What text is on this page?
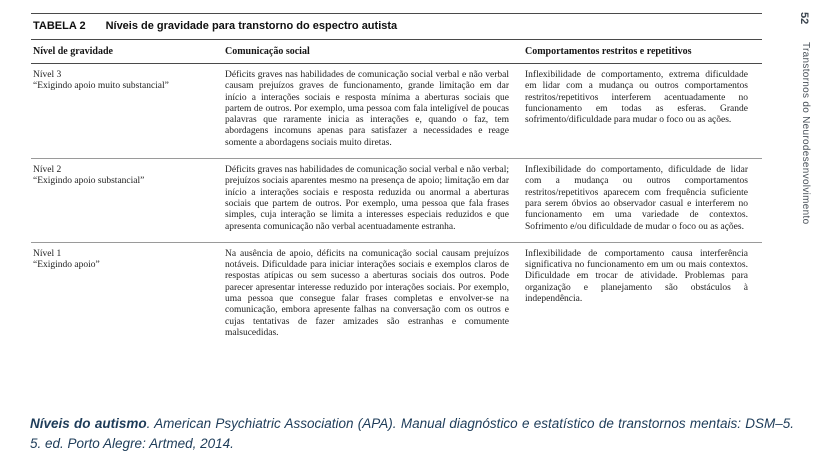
TABELA 2 Níveis de gravidade para transtorno do espectro autista
Nível de gravidade	Comunicação social	Comportamentos restritos e repetitivos

Nível 3
“Exigindo apoio muito substancial”
	Déficits graves nas habilidades de comunicação social verbal e não verbal causam prejuízos graves de funcionamento, grande limitação em dar início a interações sociais e resposta mínima a aberturas sociais que partem de outros. Por exemplo, uma pessoa com fala inteligível de poucas palavras que raramente inicia as interações e, quando o faz, tem abordagens incomuns apenas para satisfazer a necessidades e reage somente a abordagens sociais muito diretas.	Inflexibilidade de comportamento, extrema dificuldade em lidar com a mudança ou outros comportamentos restritos/repetitivos interferem acentuadamente no funcionamento em todas as esferas. Grande sofrimento/dificuldade para mudar o foco ou as ações.

Nível 2
“Exigindo apoio substancial”
	Déficits graves nas habilidades de comunicação social verbal e não verbal; prejuízos sociais aparentes mesmo na presença de apoio; limitação em dar início a interações sociais e resposta reduzida ou anormal a aberturas sociais que partem de outros. Por exemplo, uma pessoa que fala frases simples, cuja interação se limita a interesses especiais reduzidos e que apresenta comunicação não verbal acentuadamente estranha.	Inflexibilidade do comportamento, dificuldade de lidar com a mudança ou outros comportamentos restritos/repetitivos aparecem com frequência suficiente para serem óbvios ao observador casual e interferem no funcionamento em uma variedade de contextos. Sofrimento e/ou dificuldade de mudar o foco ou as ações.

Nível 1
“Exigindo apoio”
	Na ausência de apoio, déficits na comunicação social causam prejuízos notáveis. Dificuldade para iniciar interações sociais e exemplos claros de respostas atípicas ou sem sucesso a aberturas sociais dos outros. Pode parecer apresentar interesse reduzido por interações sociais. Por exemplo, uma pessoa que consegue falar frases completas e envolver-se na comunicação, embora apresente falhas na conversação com os outros e cujas tentativas de fazer amizades são estranhas e comumente malsucedidas.	Inflexibilidade de comportamento causa interferência significativa no funcionamento em um ou mais contextos. Dificuldade em trocar de atividade. Problemas para organização e planejamento são obstáculos à independência.
52
Transtornos do Neurodesenvolvimento
Níveis do autismo. American Psychiatric Association (APA). Manual diagnóstico e estatístico de transtornos mentais: DSM–5. 5. ed. Porto Alegre: Artmed, 2014.
